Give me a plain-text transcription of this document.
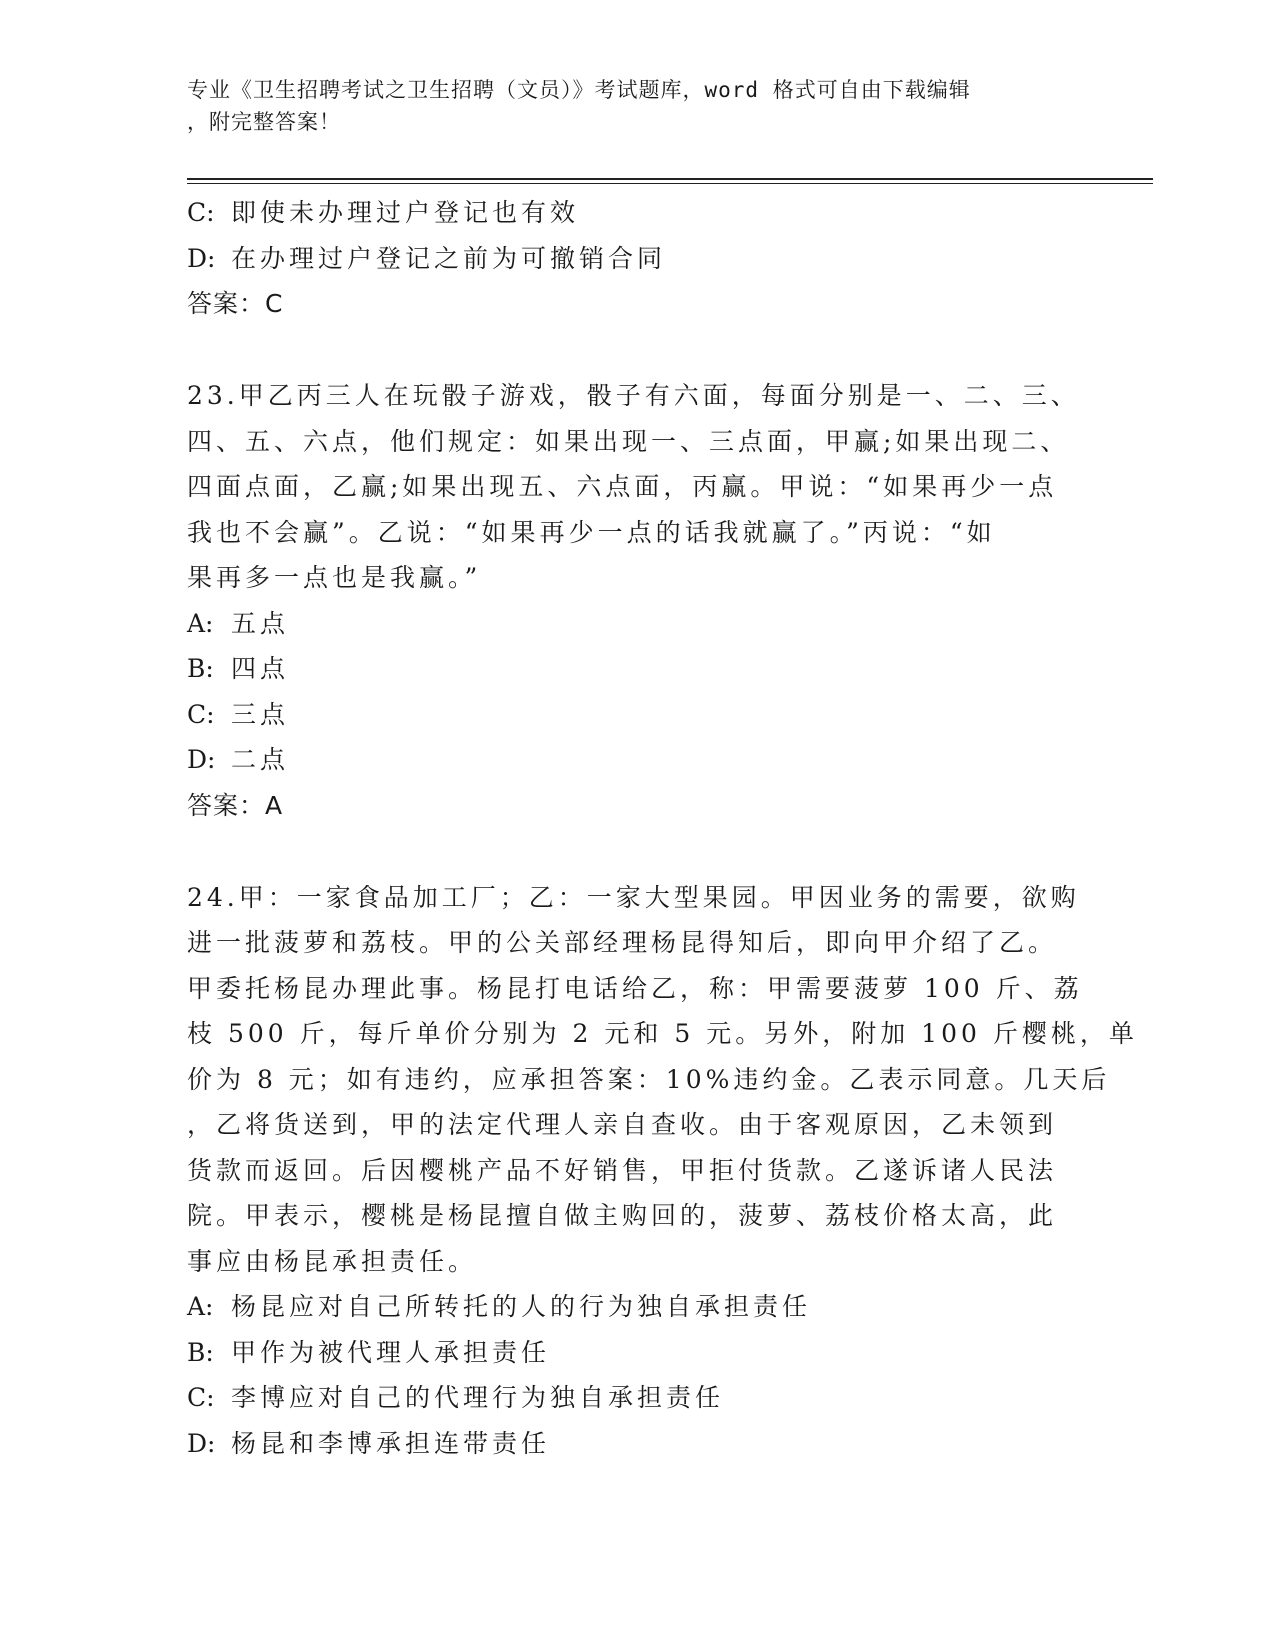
专业《卫生招聘考试之卫生招聘（文员）》考试题库，word 格式可自由下载编辑
，附完整答案！
C: 即使未办理过户登记也有效
D: 在办理过户登记之前为可撤销合同
答案：C
23.甲乙丙三人在玩骰子游戏，骰子有六面，每面分别是一、二、三、
四、五、六点，他们规定：如果出现一、三点面，甲赢;如果出现二、
四面点面，乙赢;如果出现五、六点面，丙赢。甲说：“如果再少一点
我也不会赢”。乙说：“如果再少一点的话我就赢了。”丙说：“如
果再多一点也是我赢。”
A: 五点
B: 四点
C: 三点
D: 二点
答案：A
24.甲：一家食品加工厂；乙：一家大型果园。甲因业务的需要，欲购
进一批菠萝和荔枝。甲的公关部经理杨昆得知后，即向甲介绍了乙。
甲委托杨昆办理此事。杨昆打电话给乙，称：甲需要菠萝 100 斤、荔
枝 500 斤，每斤单价分别为 2 元和 5 元。另外，附加 100 斤樱桃，单
价为 8 元；如有违约，应承担答案：10%违约金。乙表示同意。几天后
，乙将货送到，甲的法定代理人亲自查收。由于客观原因，乙未领到
货款而返回。后因樱桃产品不好销售，甲拒付货款。乙遂诉诸人民法
院。甲表示，樱桃是杨昆擅自做主购回的，菠萝、荔枝价格太高，此
事应由杨昆承担责任。
A: 杨昆应对自己所转托的人的行为独自承担责任
B: 甲作为被代理人承担责任
C: 李博应对自己的代理行为独自承担责任
D: 杨昆和李博承担连带责任
